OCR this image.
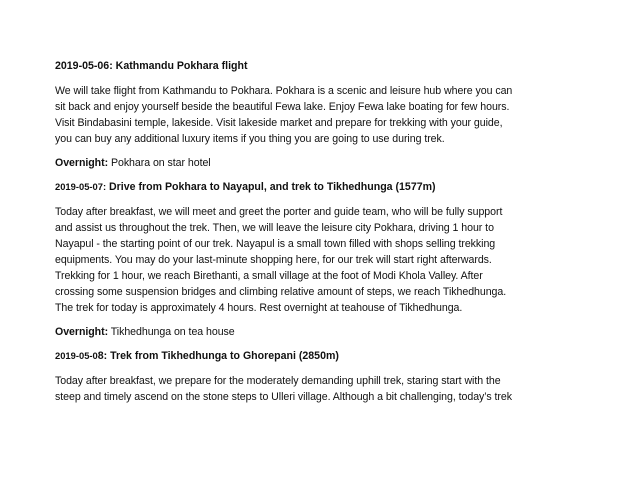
2019-05-06: Kathmandu Pokhara flight
We will take flight from Kathmandu to Pokhara. Pokhara is a scenic and leisure hub where you can
sit back and enjoy yourself beside the beautiful Fewa lake. Enjoy Fewa lake boating for few hours.
Visit Bindabasini temple, lakeside. Visit lakeside market and prepare for trekking with your guide,
you can buy any additional luxury items if you thing you are going to use during trek.
Overnight: Pokhara on star hotel
2019-05-07: Drive from Pokhara to Nayapul, and trek to Tikhedhunga (1577m)
Today after breakfast, we will meet and greet the porter and guide team, who will be fully support
and assist us throughout the trek. Then, we will leave the leisure city Pokhara, driving 1 hour to
Nayapul - the starting point of our trek. Nayapul is a small town filled with shops selling trekking
equipments. You may do your last-minute shopping here, for our trek will start right afterwards.
Trekking for 1 hour, we reach Birethanti, a small village at the foot of Modi Khola Valley. After
crossing some suspension bridges and climbing relative amount of steps, we reach Tikhedhunga.
The trek for today is approximately 4 hours. Rest overnight at teahouse of Tikhedhunga.
Overnight: Tikhedhunga on tea house
2019-05-08: Trek from Tikhedhunga to Ghorepani (2850m)
Today after breakfast, we prepare for the moderately demanding uphill trek, staring start with the
steep and timely ascend on the stone steps to Ulleri village. Although a bit challenging, today’s trek
